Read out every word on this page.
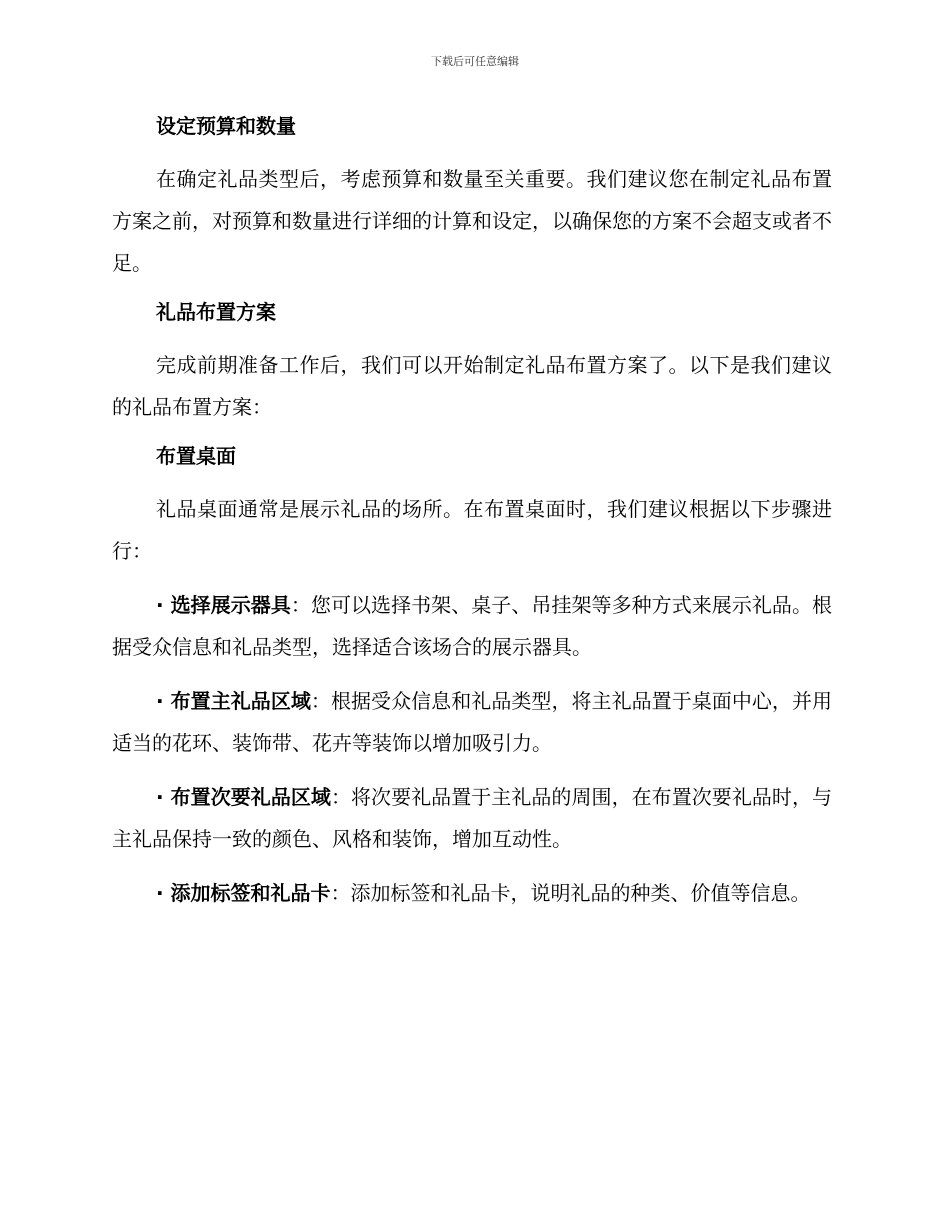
下载后可任意编辑
设定预算和数量
在确定礼品类型后，考虑预算和数量至关重要。我们建议您在制定礼品布置方案之前，对预算和数量进行详细的计算和设定，以确保您的方案不会超支或者不足。
礼品布置方案
完成前期准备工作后，我们可以开始制定礼品布置方案了。以下是我们建议的礼品布置方案：
布置桌面
礼品桌面通常是展示礼品的场所。在布置桌面时，我们建议根据以下步骤进行：
· 选择展示器具：您可以选择书架、桌子、吊挂架等多种方式来展示礼品。根据受众信息和礼品类型，选择适合该场合的展示器具。
· 布置主礼品区域：根据受众信息和礼品类型，将主礼品置于桌面中心，并用适当的花环、装饰带、花卉等装饰以增加吸引力。
· 布置次要礼品区域：将次要礼品置于主礼品的周围，在布置次要礼品时，与主礼品保持一致的颜色、风格和装饰，增加互动性。
· 添加标签和礼品卡：添加标签和礼品卡，说明礼品的种类、价值等信息。
